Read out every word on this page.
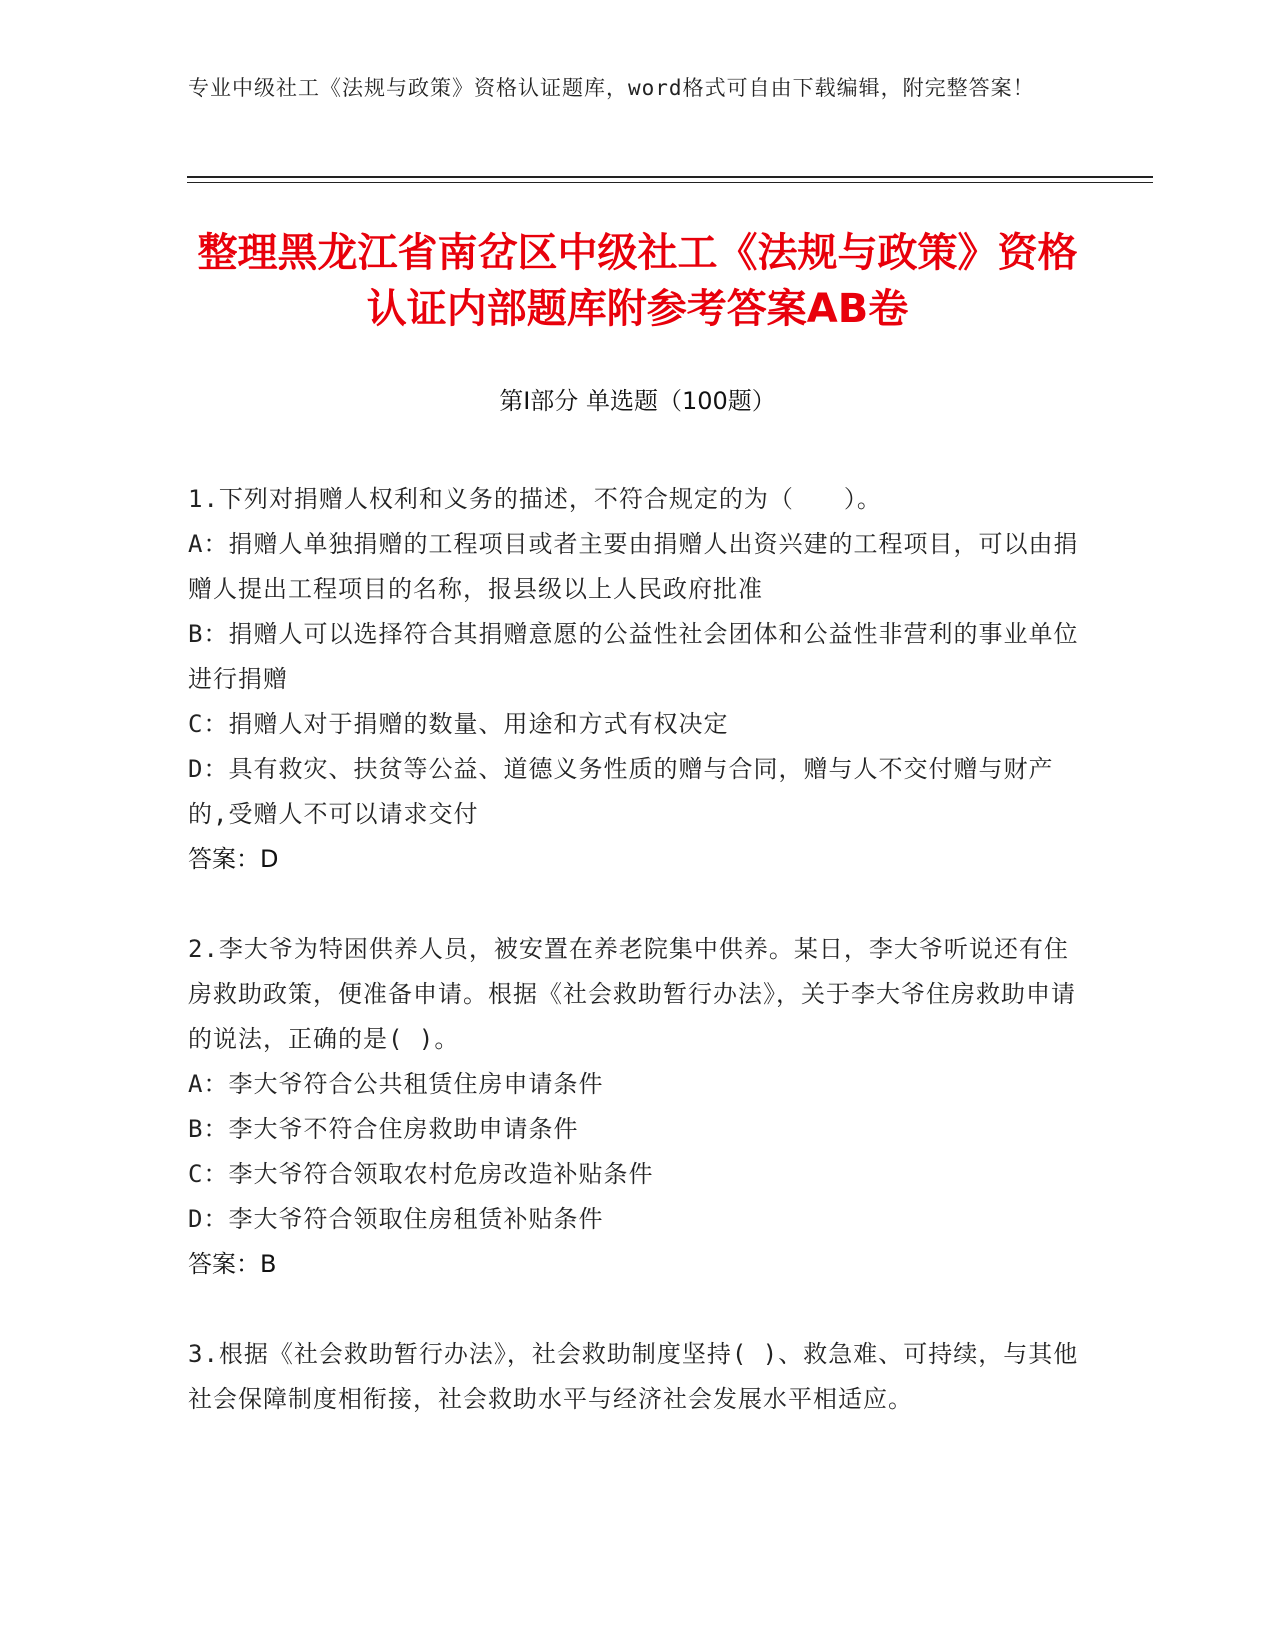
专业中级社工《法规与政策》资格认证题库，word格式可自由下载编辑，附完整答案！
整理黑龙江省南岔区中级社工《法规与政策》资格认证内部题库附参考答案AB卷
第Ⅰ部分 单选题（100题）
1.下列对捐赠人权利和义务的描述，不符合规定的为（　　）。
A：捐赠人单独捐赠的工程项目或者主要由捐赠人出资兴建的工程项目，可以由捐赠人提出工程项目的名称，报县级以上人民政府批准
B：捐赠人可以选择符合其捐赠意愿的公益性社会团体和公益性非营利的事业单位进行捐赠
C：捐赠人对于捐赠的数量、用途和方式有权决定
D：具有救灾、扶贫等公益、道德义务性质的赠与合同，赠与人不交付赠与财产的,受赠人不可以请求交付
答案：D
2.李大爷为特困供养人员，被安置在养老院集中供养。某日，李大爷听说还有住房救助政策，便准备申请。根据《社会救助暂行办法》，关于李大爷住房救助申请的说法，正确的是( )。
A：李大爷符合公共租赁住房申请条件
B：李大爷不符合住房救助申请条件
C：李大爷符合领取农村危房改造补贴条件
D：李大爷符合领取住房租赁补贴条件
答案：B
3.根据《社会救助暂行办法》，社会救助制度坚持( )、救急难、可持续，与其他社会保障制度相衔接，社会救助水平与经济社会发展水平相适应。
